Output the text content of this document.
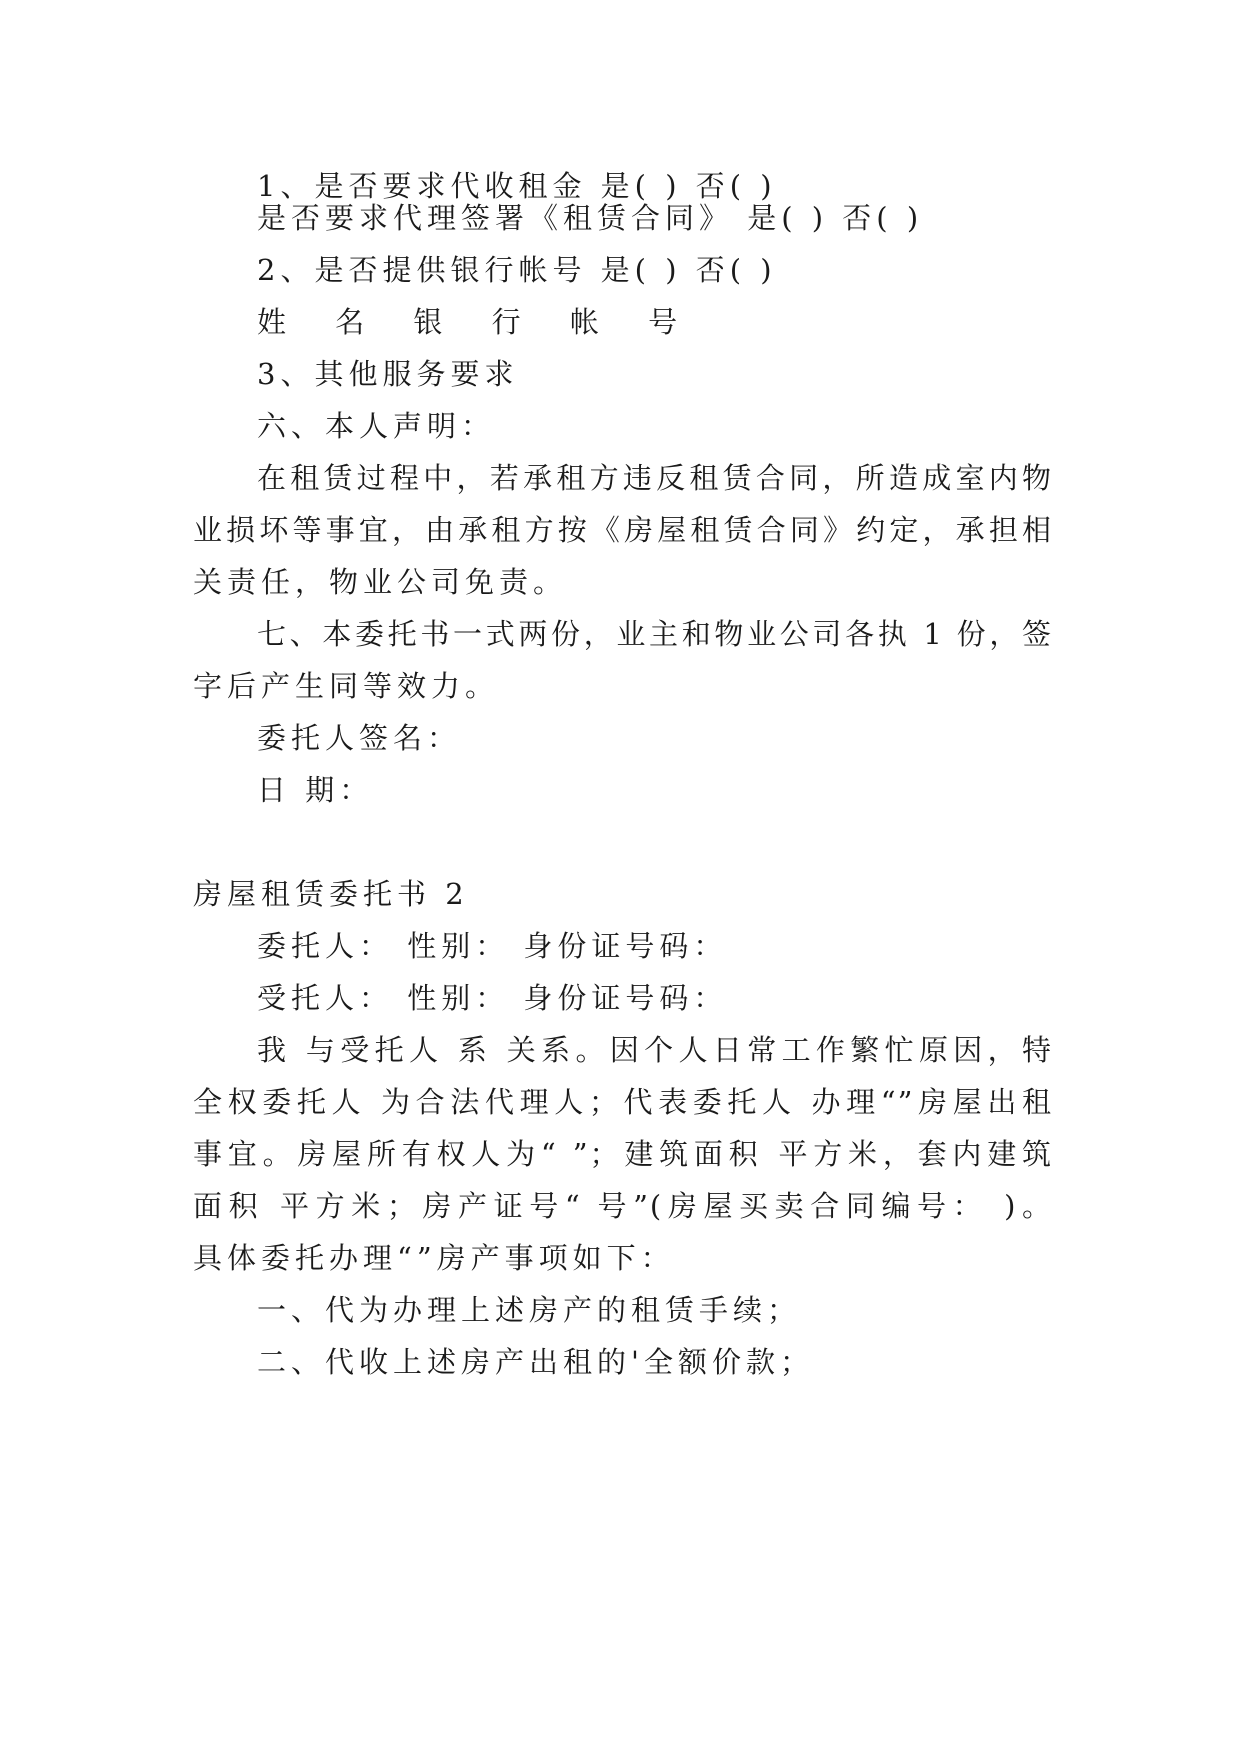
1、是否要求代收租金 是( ) 否( )
是否要求代理签署《租赁合同》 是( ) 否( )
2、是否提供银行帐号 是( ) 否( )
姓 名 银 行 帐 号
3、其他服务要求
六、本人声明：
在租赁过程中，若承租方违反租赁合同，所造成室内物
业损坏等事宜，由承租方按《房屋租赁合同》约定，承担相
关责任，物业公司免责。
七、本委托书一式两份，业主和物业公司各执 1 份，签
字后产生同等效力。
委托人签名：
日 期：
房屋租赁委托书 2
委托人： 性别： 身份证号码：
受托人： 性别： 身份证号码：
我 与受托人 系 关系。因个人日常工作繁忙原因，特
全权委托人 为合法代理人；代表委托人 办理“”房屋出租
事宜。房屋所有权人为“ ”；建筑面积 平方米，套内建筑
面积 平方米；房产证号“ 号”(房屋买卖合同编号： )。
具体委托办理“”房产事项如下：
一、代为办理上述房产的租赁手续；
二、代收上述房产出租的'全额价款；
